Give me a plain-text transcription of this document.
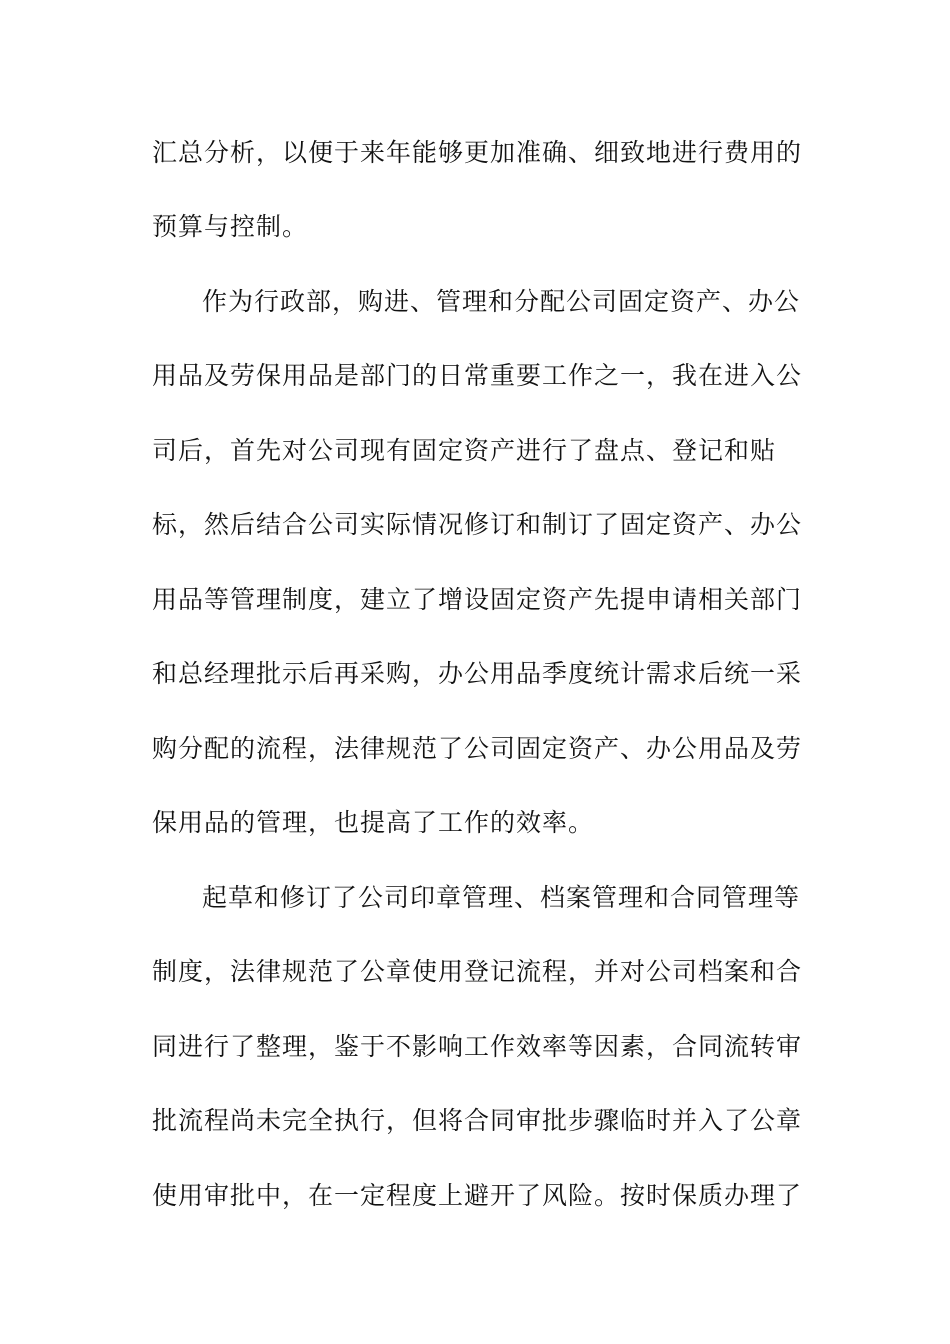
汇总分析，以便于来年能够更加准确、细致地进行费用的

预算与控制。

作为行政部，购进、管理和分配公司固定资产、办公

用品及劳保用品是部门的日常重要工作之一，我在进入公

司后，首先对公司现有固定资产进行了盘点、登记和贴

标，然后结合公司实际情况修订和制订了固定资产、办公

用品等管理制度，建立了增设固定资产先提申请相关部门

和总经理批示后再采购，办公用品季度统计需求后统一采

购分配的流程，法律规范了公司固定资产、办公用品及劳

保用品的管理，也提高了工作的效率。

起草和修订了公司印章管理、档案管理和合同管理等

制度，法律规范了公章使用登记流程，并对公司档案和合

同进行了整理，鉴于不影响工作效率等因素，合同流转审

批流程尚未完全执行，但将合同审批步骤临时并入了公章

使用审批中，在一定程度上避开了风险。按时保质办理了
